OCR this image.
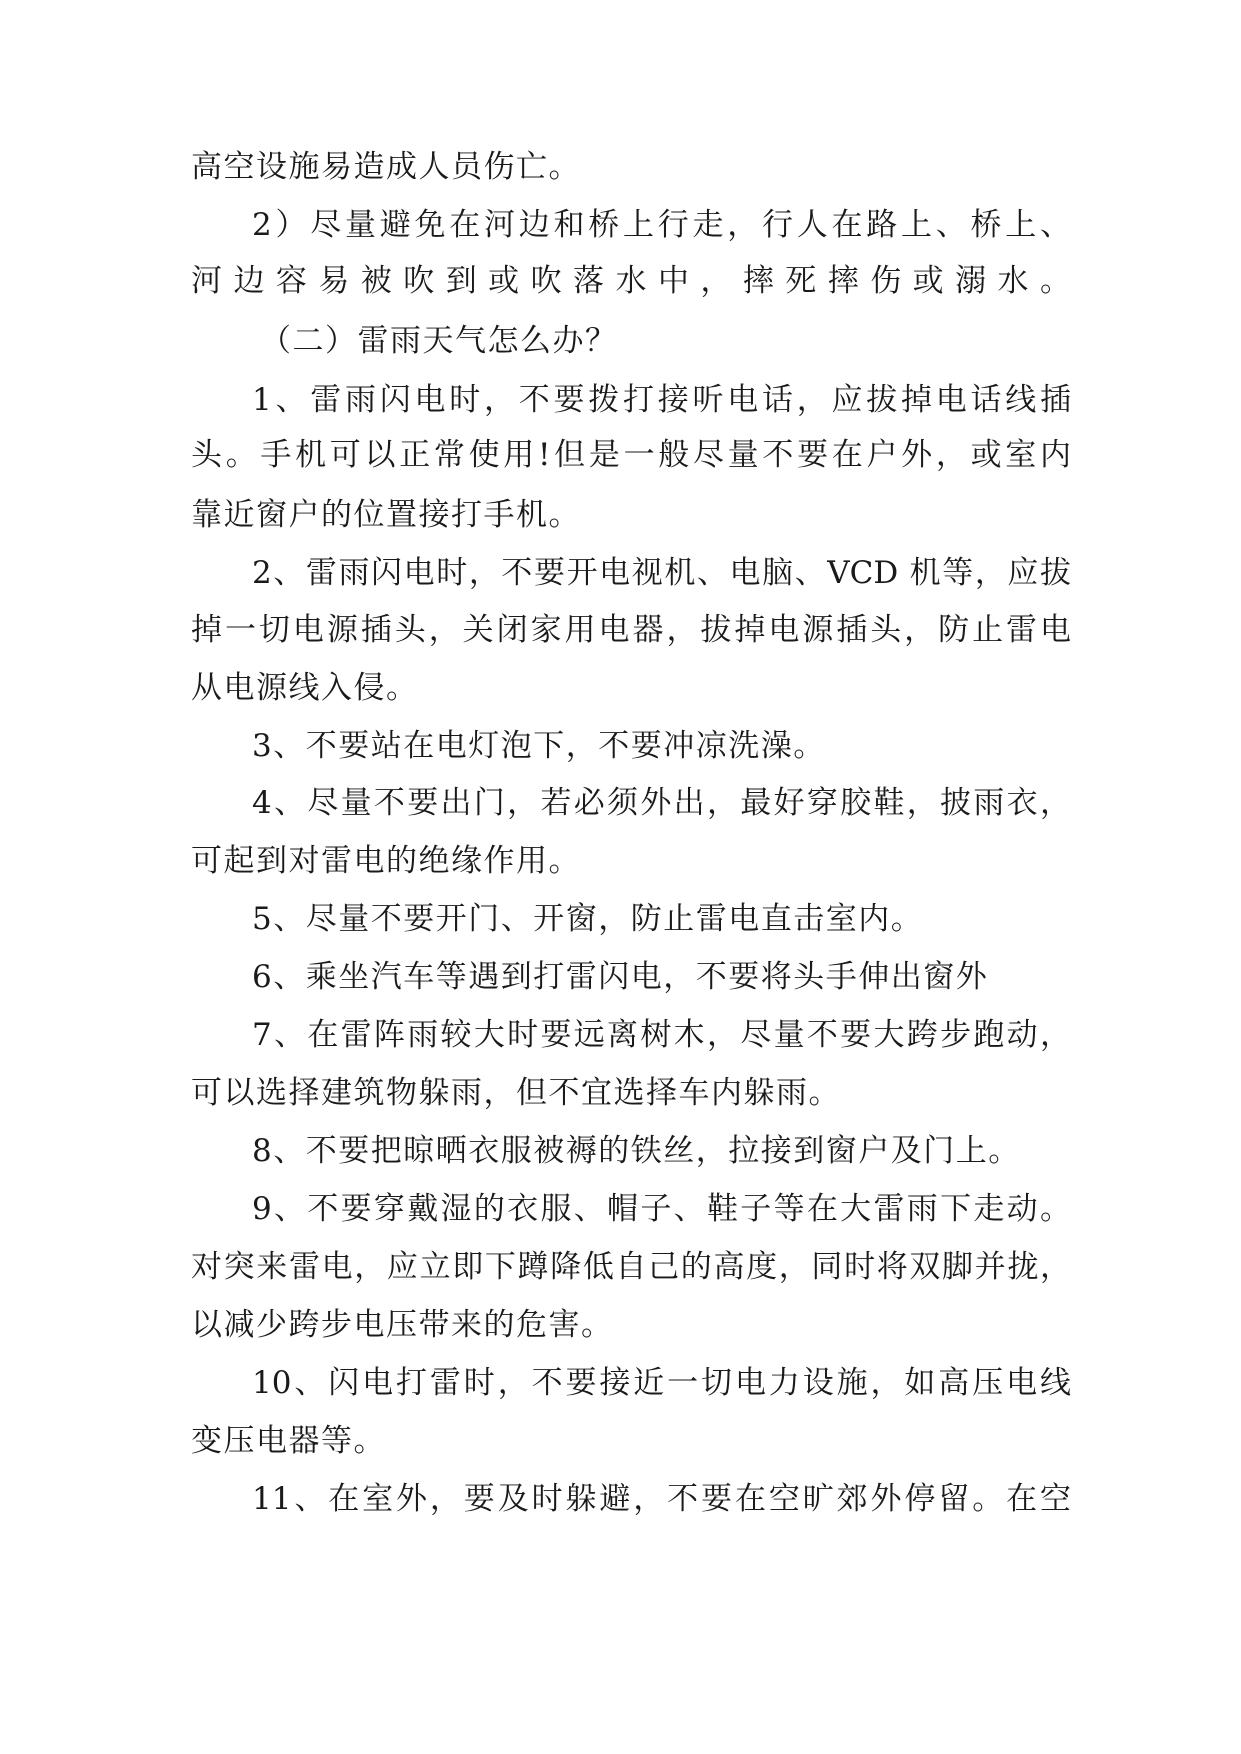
高空设施易造成人员伤亡。
2）尽量避免在河边和桥上行走，行人在路上、桥上、
河边容易被吹到或吹落水中，摔死摔伤或溺水。
（二）雷雨天气怎么办？
1、雷雨闪电时，不要拨打接听电话，应拔掉电话线插
头。手机可以正常使用!但是一般尽量不要在户外，或室内
靠近窗户的位置接打手机。
2、雷雨闪电时，不要开电视机、电脑、VCD 机等，应拔
掉一切电源插头，关闭家用电器，拔掉电源插头，防止雷电
从电源线入侵。
3、不要站在电灯泡下，不要冲凉洗澡。
4、尽量不要出门，若必须外出，最好穿胶鞋，披雨衣，
可起到对雷电的绝缘作用。
5、尽量不要开门、开窗，防止雷电直击室内。
6、乘坐汽车等遇到打雷闪电，不要将头手伸出窗外
7、在雷阵雨较大时要远离树木，尽量不要大跨步跑动，
可以选择建筑物躲雨，但不宜选择车内躲雨。
8、不要把晾晒衣服被褥的铁丝，拉接到窗户及门上。
9、不要穿戴湿的衣服、帽子、鞋子等在大雷雨下走动。
对突来雷电，应立即下蹲降低自己的高度，同时将双脚并拢，
以减少跨步电压带来的危害。
10、闪电打雷时，不要接近一切电力设施，如高压电线
变压电器等。
11、在室外，要及时躲避，不要在空旷郊外停留。在空
